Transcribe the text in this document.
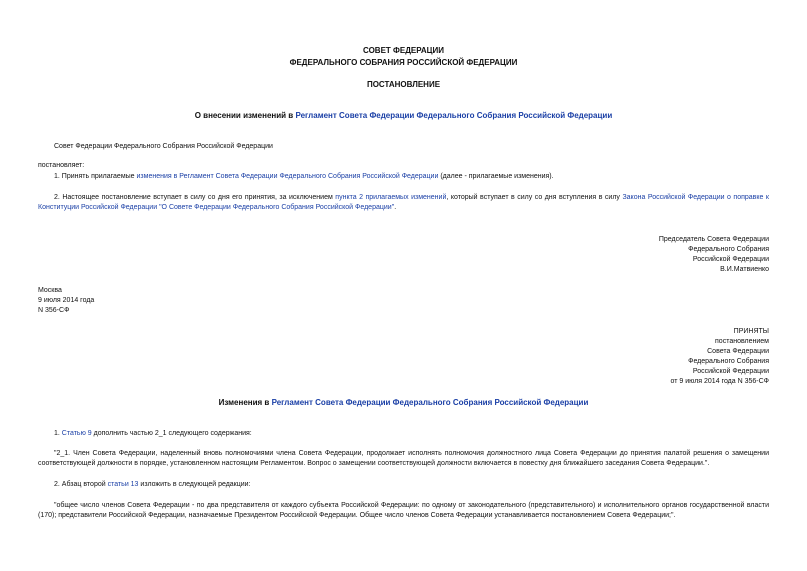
СОВЕТ ФЕДЕРАЦИИ
ФЕДЕРАЛЬНОГО СОБРАНИЯ РОССИЙСКОЙ ФЕДЕРАЦИИ
ПОСТАНОВЛЕНИЕ
О внесении изменений в Регламент Совета Федерации Федерального Собрания Российской Федерации
Совет Федерации Федерального Собрания Российской Федерации
постановляет:
1. Принять прилагаемые изменения в Регламент Совета Федерации Федерального Собрания Российской Федерации (далее - прилагаемые изменения).
2. Настоящее постановление вступает в силу со дня его принятия, за исключением пункта 2 прилагаемых изменений, который вступает в силу со дня вступления в силу Закона Российской Федерации о поправке к Конституции Российской Федерации "О Совете Федерации Федерального Собрания Российской Федерации".
Председатель Совета Федерации
Федерального Собрания
Российской Федерации
В.И.Матвиенко
Москва
9 июля 2014 года
N 356-СФ
ПРИНЯТЫ
постановлением
Совета Федерации
Федерального Собрания
Российской Федерации
от 9 июля 2014 года N 356-СФ
Изменения в Регламент Совета Федерации Федерального Собрания Российской Федерации
1. Статью 9 дополнить частью 2_1 следующего содержания:
"2_1. Член Совета Федерации, наделенный вновь полномочиями члена Совета Федерации, продолжает исполнять полномочия должностного лица Совета Федерации до принятия палатой решения о замещении соответствующей должности в порядке, установленном настоящим Регламентом. Вопрос о замещении соответствующей должности включается в повестку дня ближайшего заседания Совета Федерации.".
2. Абзац второй статьи 13 изложить в следующей редакции:
"общее число членов Совета Федерации - по два представителя от каждого субъекта Российской Федерации: по одному от законодательного (представительного) и исполнительного органов государственной власти (170); представители Российской Федерации, назначаемые Президентом Российской Федерации. Общее число членов Совета Федерации устанавливается постановлением Совета Федерации;".
